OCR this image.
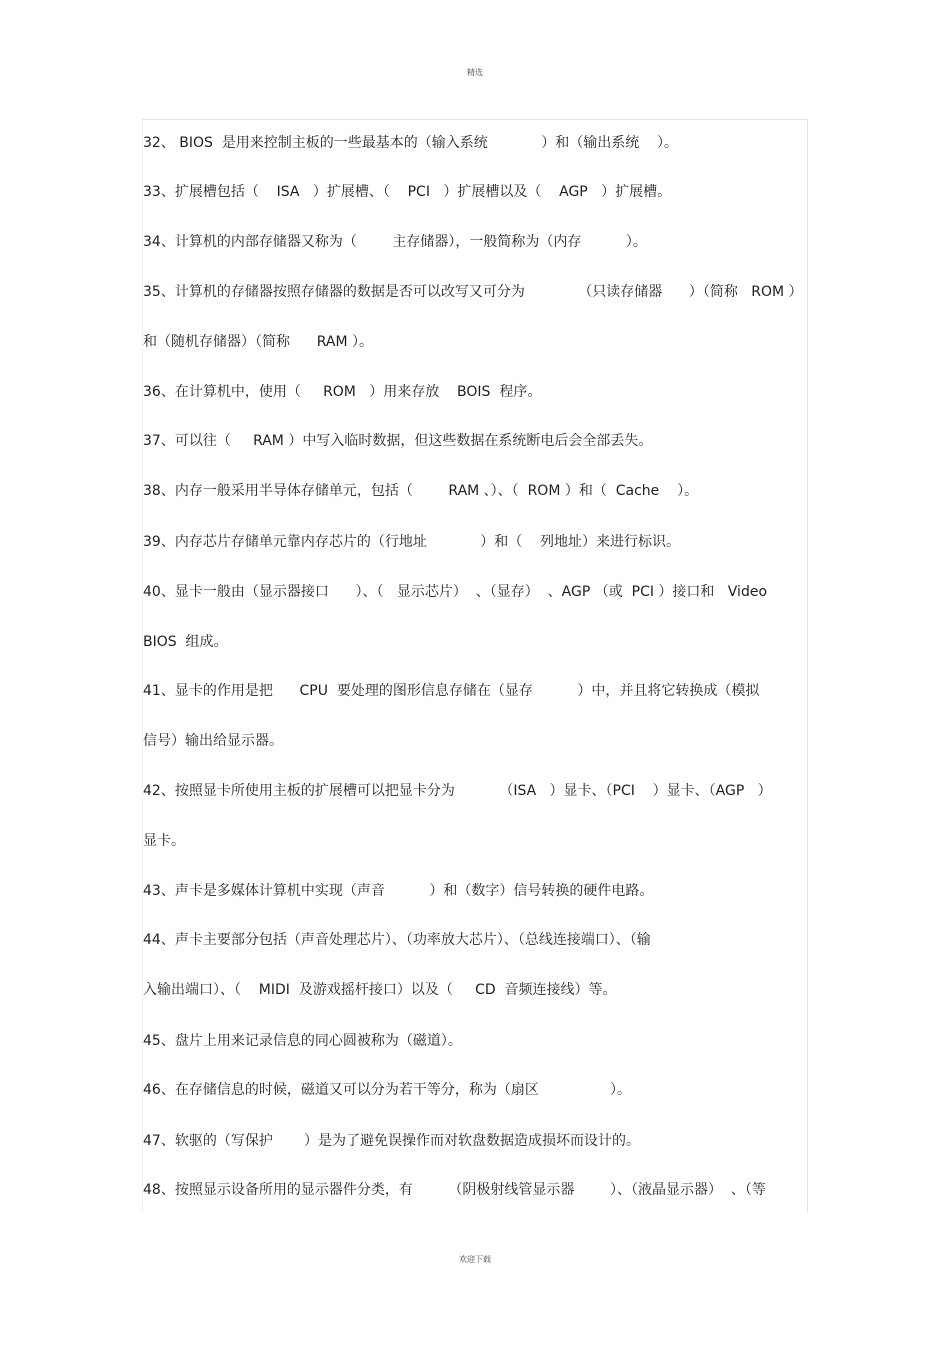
精选
32、 BIOS  是用来控制主板的一些最基本的（输入系统            ）和（输出系统    ）。
33、扩展槽包括（    ISA   ）扩展槽、（    PCI   ）扩展槽以及（    AGP   ）扩展槽。
34、计算机的内部存储器又称为（        主存储器），一般简称为（内存          ）。
35、计算机的存储器按照存储器的数据是否可以改写又可分为            （只读存储器      ）（简称   ROM ）
和（随机存储器）（简称      RAM ）。
36、在计算机中，使用（     ROM   ）用来存放    BOIS  程序。
37、可以往（     RAM ）中写入临时数据，但这些数据在系统断电后会全部丢失。
38、内存一般采用半导体存储单元，包括（        RAM 、）、（  ROM ）和（  Cache    ）。
39、内存芯片存储单元靠内存芯片的（行地址            ）和（    列地址）来进行标识。
40、显卡一般由（显示器接口      ）、（   显示芯片）  、（显存）  、AGP （或  PCI ）接口和   Video
BIOS  组成。
41、显卡的作用是把      CPU  要处理的图形信息存储在（显存          ）中，并且将它转换成（模拟
信号）输出给显示器。
42、按照显卡所使用主板的扩展槽可以把显卡分为          （ISA   ）显卡、（PCI    ）显卡、（AGP   ）
显卡。
43、声卡是多媒体计算机中实现（声音          ）和（数字）信号转换的硬件电路。
44、声卡主要部分包括（声音处理芯片）、（功率放大芯片）、（总线连接端口）、（输
入输出端口）、（    MIDI  及游戏摇杆接口）以及（     CD  音频连接线）等。
45、盘片上用来记录信息的同心圆被称为（磁道）。
46、在存储信息的时候，磁道又可以分为若干等分，称为（扇区                ）。
47、软驱的（写保护       ）是为了避免误操作而对软盘数据造成损坏而设计的。
48、按照显示设备所用的显示器件分类，有        （阴极射线管显示器        ）、（液晶显示器）  、（等
欢迎下载
